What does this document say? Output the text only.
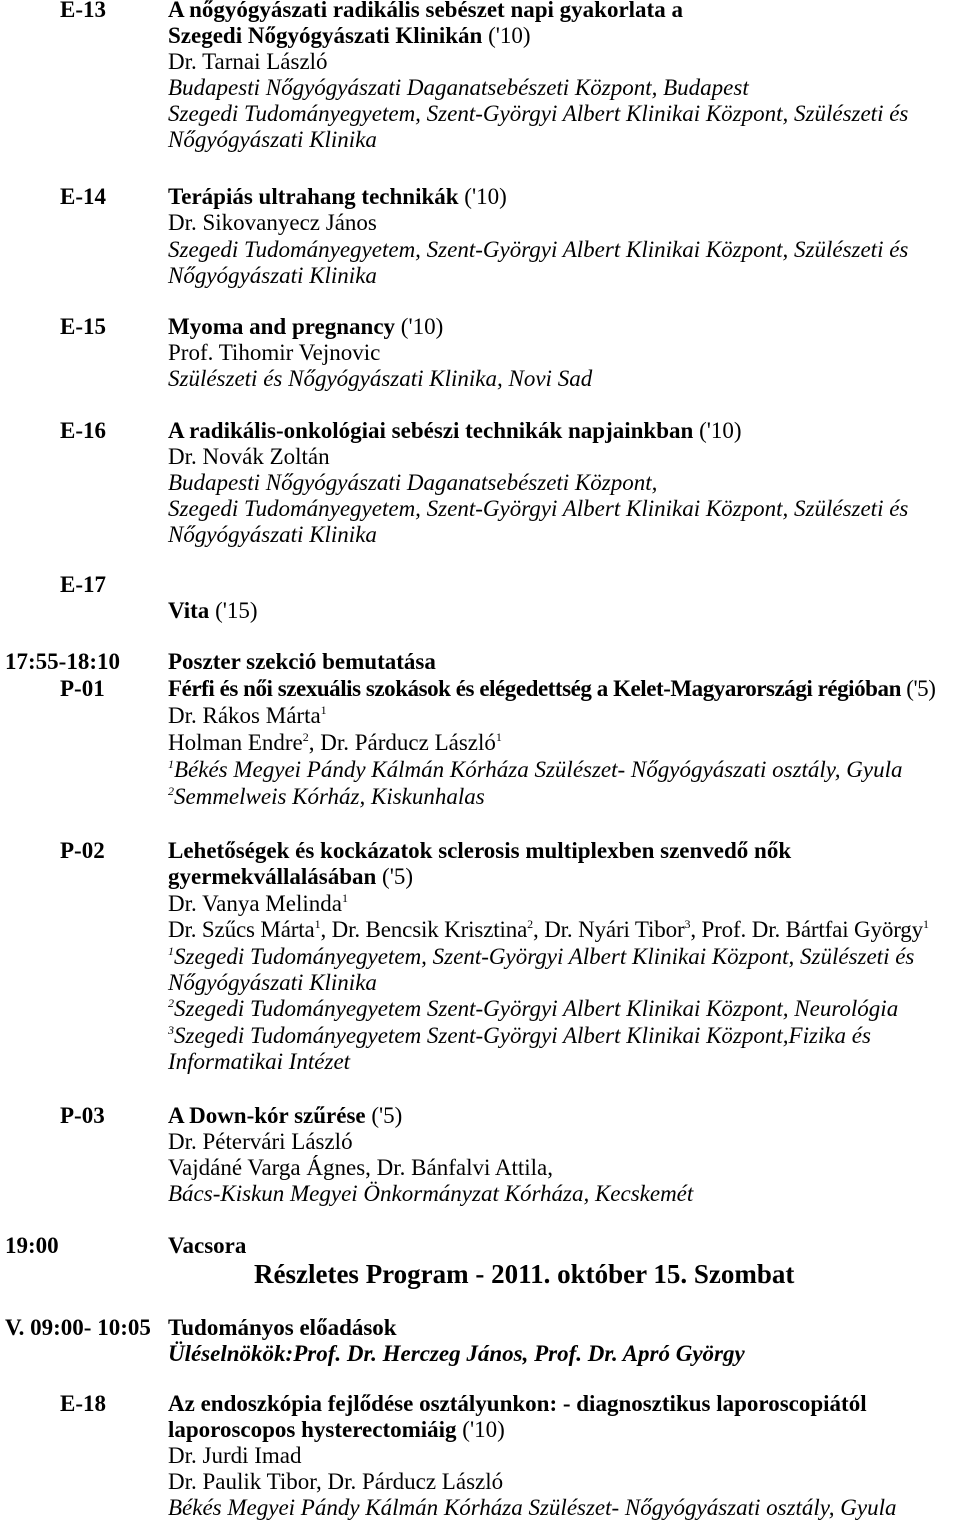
E-13	A nőgyógyászati radikális sebészet napi gyakorlata a
Szegedi Nőgyógyászati Klinikán ('10)
Dr. Tarnai László
Budapesti Nőgyógyászati Daganatsebészeti Központ, Budapest
Szegedi Tudományegyetem, Szent-Györgyi Albert Klinikai Központ, Szülészeti és
Nőgyógyászati Klinika
E-14	Terápiás ultrahang technikák ('10)
Dr. Sikovanyecz János
Szegedi Tudományegyetem, Szent-Györgyi Albert Klinikai Központ, Szülészeti és
Nőgyógyászati Klinika
E-15	Myoma and pregnancy ('10)
Prof. Tihomir Vejnovic
Szülészeti és Nőgyógyászati Klinika, Novi Sad
E-16	A radikális-onkológiai sebészi technikák napjainkban ('10)
Dr. Novák Zoltán
Budapesti Nőgyógyászati Daganatsebészeti Központ,
Szegedi Tudományegyetem, Szent-Györgyi Albert Klinikai Központ, Szülészeti és
Nőgyógyászati Klinika
E-17
Vita ('15)
17:55-18:10 Poszter szekció bemutatása
P-01	Férfi és női szexuális szokások és elégedettség a Kelet-Magyarországi régióban ('5)
Dr. Rákos Márta$^1$
Holman Endre$^2$, Dr. Párducz László$^1$
$^1$Békés Megyei Pándy Kálmán Kórháza Szülészet- Nőgyógyászati osztály, Gyula
$^2$Semmelweis Kórház, Kiskunhalas
P-02	Lehetőségek és kockázatok sclerosis multiplexben szenvedő nők
gyermekvállalásában ('5)
Dr. Vanya Melinda$^1$
Dr. Szűcs Márta$^1$, Dr. Bencsik Krisztina$^2$, Dr. Nyári Tibor$^3$, Prof. Dr. Bártfai György$^1$
$^1$Szegedi Tudományegyetem, Szent-Györgyi Albert Klinikai Központ, Szülészeti és
Nőgyógyászati Klinika
$^2$Szegedi Tudományegyetem Szent-Györgyi Albert Klinikai Központ, Neurológia
$^3$Szegedi Tudományegyetem Szent-Györgyi Albert Klinikai Központ,Fizika és
Informatikai Intézet
P-03	A Down-kór szűrése ('5)
Dr. Pétervári László
Vajdáné Varga Ágnes, Dr. Bánfalvi Attila,
Bács-Kiskun Megyei Önkormányzat Kórháza, Kecskemét
19:00	Vacsora
Részletes Program - 2011. október 15. Szombat
V. 09:00- 10:05 Tudományos előadások
Üléselnökök:Prof. Dr. Herczeg János, Prof. Dr. Apró György
E-18	Az endoszkópia fejlődése osztályunkon: - diagnosztikus laporoscopiától
laporoscopos hysterectomiáig ('10)
Dr. Jurdi Imad
Dr. Paulik Tibor, Dr. Párducz László
Békés Megyei Pándy Kálmán Kórháza Szülészet- Nőgyógyászati osztály, Gyula
